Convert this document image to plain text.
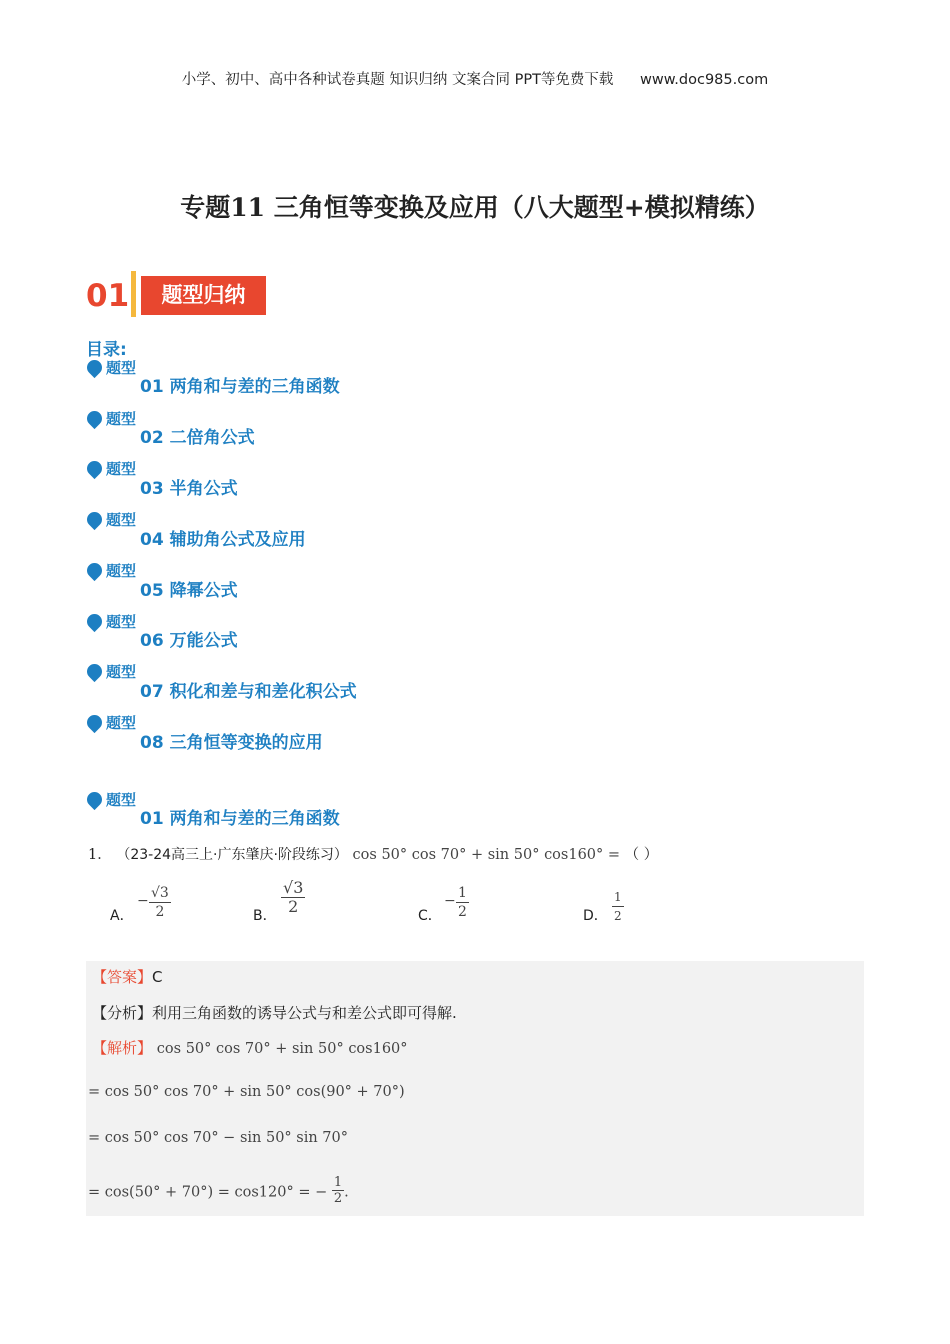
小学、初中、高中各种试卷真题 知识归纳 文案合同 PPT等免费下载 www.doc985.com
专题11 三角恒等变换及应用（八大题型+模拟精练）
01	题型归纳
目录:
题型
01 两角和与差的三角函数
题型
02 二倍角公式
题型
03 半角公式
题型
04 辅助角公式及应用
题型
05 降幂公式
题型
06 万能公式
题型
07 积化和差与和差化积公式
题型
08 三角恒等变换的应用
题型
01 两角和与差的三角函数
1． （23-24高三上·广东肇庆·阶段练习） cos 50° cos 70° + sin 50° cos160° = （ ）
A．
− √3
2	B． $\frac{√3}{2}$	C．
− 1
2	D． $\frac{1}{2}$
【答案】C
【分析】利用三角函数的诱导公式与和差公式即可得解.
【解析】 cos 50° cos 70° + sin 50° cos160°
= cos 50° cos 70° + sin 50° cos(90° + 70°)
= cos 50° cos 70° − sin 50° sin 70°
= cos(50° + 70°) = cos120° = − $\frac{1}{2}$ .
